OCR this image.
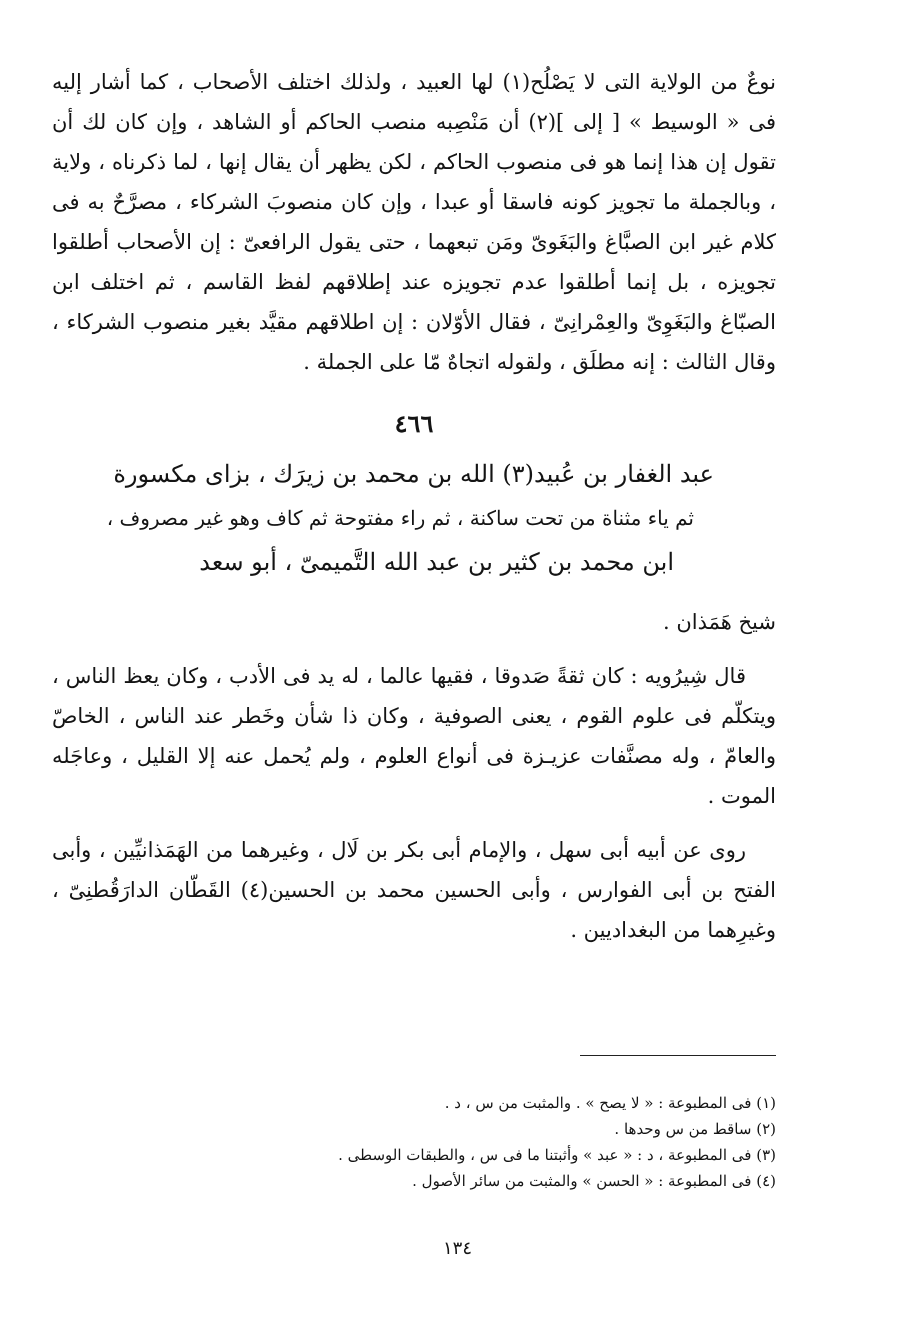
نوعٌ من الولاية التى لا يَصْلُح(١) لها العبيد ، ولذلك اختلف الأصحاب ، كما أشار إليه فى « الوسيط » [ إلى ](٢) أن مَنْصِبه منصب الحاكم أو الشاهد ، وإن كان لك أن تقول إن هذا إنما هو فى منصوب الحاكم ، لكن يظهر أن يقال إنها ، لما ذكرناه ، ولاية ، وبالجملة ما تجويز كونه فاسقا أو عبدا ، وإن كان منصوبَ الشركاء ، مصرَّحٌ به فى كلام غير ابن الصبَّاغ والبَغَوىّ ومَن تبعهما ، حتى يقول الرافعىّ : إن الأصحاب أطلقوا تجويزه ، بل إنما أطلقوا عدم تجويزه عند إطلاقهم لفظ القاسم ، ثم اختلف ابن الصبّاغ والبَغَوِىّ والعِمْرانِىّ ، فقال الأوّلان : إن اطلاقهم مقيَّد بغير منصوب الشركاء ، وقال الثالث : إنه مطلَق ، ولقوله اتجاهٌ مّا على الجملة .

٤٦٦
عبد الغفار بن عُبيد(٣) الله بن محمد بن زيرَك ، بزاى مكسورة
ثم ياء مثناة من تحت ساكنة ، ثم راء مفتوحة ثم كاف وهو غير مصروف ،
ابن محمد بن كثير بن عبد الله التَّميمىّ ، أبو سعد

شيخ هَمَذان .

قال شِيرُويه : كان ثقةً صَدوقا ، فقيها عالما ، له يد فى الأدب ، وكان يعظ الناس ، ويتكلّم فى علوم القوم ، يعنى الصوفية ، وكان ذا شأن وخَطر عند الناس ، الخاصّ والعامّ ، وله مصنَّفات عزيـزة فى أنواع العلوم ، ولم يُحمل عنه إلا القليل ، وعاجَله الموت .

روى عن أبيه أبى سهل ، والإمام أبى بكر بن لَال ، وغيرهما من الهَمَذانيِّين ، وأبى الفتح بن أبى الفوارس ، وأبى الحسين محمد بن الحسين(٤) القَطّان الدارَقُطنِىّ ، وغيرِهما من البغداديين .

(١) فى المطبوعة : « لا يصح » . والمثبت من س ، د .
(٢) ساقط من س وحدها .
(٣) فى المطبوعة ، د : « عبد » وأثبتنا ما فى س ، والطبقات الوسطى .
(٤) فى المطبوعة : « الحسن » والمثبت من سائر الأصول .
١٣٤
